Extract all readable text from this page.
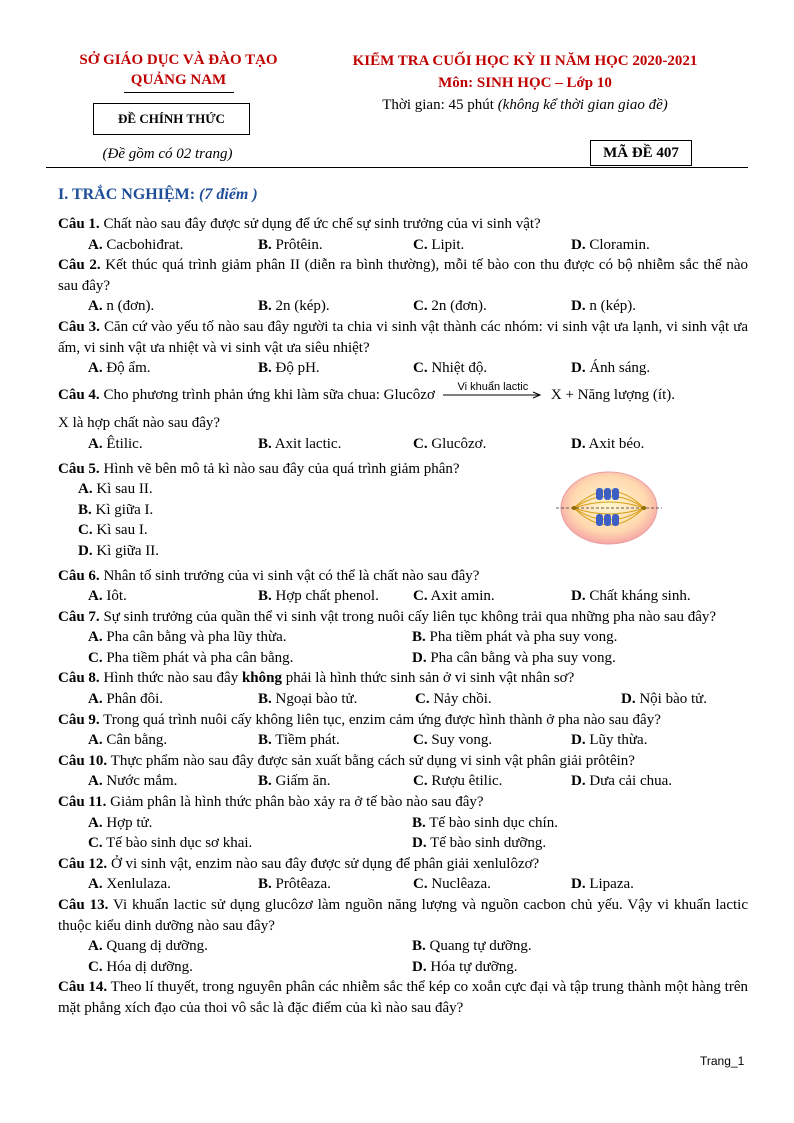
SỞ GIÁO DỤC VÀ ĐÀO TẠO
QUẢNG NAM
KIỂM TRA CUỐI HỌC KỲ II NĂM HỌC 2020-2021
Môn: SINH HỌC – Lớp 10
Thời gian: 45 phút (không kể thời gian giao đề)
ĐỀ CHÍNH THỨC
(Đề gồm có 02 trang)	MÃ ĐỀ 407
I. TRẮC NGHIỆM: (7 điểm )
Câu 1. Chất nào sau đây được sử dụng để ức chế sự sinh trưởng của vi sinh vật?
A. Cacbohiđrat.	B. Prôtêin.	C. Lipit.	D. Cloramin.
Câu 2. Kết thúc quá trình giảm phân II (diễn ra bình thường), mỗi tế bào con thu được có bộ nhiễm sắc thể nào sau đây?
A. n (đơn).	B. 2n (kép).	C. 2n (đơn).	D. n (kép).
Câu 3. Căn cứ vào yếu tố nào sau đây người ta chia vi sinh vật thành các nhóm: vi sinh vật ưa lạnh, vi sinh vật ưa ấm, vi sinh vật ưa nhiệt và vi sinh vật ưa siêu nhiệt?
A. Độ ẩm.	B. Độ pH.	C. Nhiệt độ.	D. Ánh sáng.
Câu 4. Cho phương trình phản ứng khi làm sữa chua: Glucôzơ	Vi khuẩn lactic	X + Năng lượng (ít).
X là hợp chất nào sau đây?
A. Êtilic.	B. Axit lactic.	C. Glucôzơ.	D. Axit béo.
Câu 5. Hình vẽ bên mô tả kì nào sau đây của quá trình giảm phân?
A. Kì sau II.
B. Kì giữa I.
C. Kì sau I.
D. Kì giữa II.
Câu 6. Nhân tố sinh trưởng của vi sinh vật có thể là chất nào sau đây?
A. Iôt.	B. Hợp chất phenol.	C. Axit amin.	D. Chất kháng sinh.
Câu 7. Sự sinh trưởng của quần thể vi sinh vật trong nuôi cấy liên tục không trải qua những pha nào sau đây?
A. Pha cân bằng và pha lũy thừa.	B. Pha tiềm phát và pha suy vong.
C. Pha tiềm phát và pha cân bằng.	D. Pha cân bằng và pha suy vong.
Câu 8. Hình thức nào sau đây không phải là hình thức sinh sản ở vi sinh vật nhân sơ?
A. Phân đôi.	B. Ngoại bào tử.	C. Nảy chồi.	D. Nội bào tử.
Câu 9. Trong quá trình nuôi cấy không liên tục, enzim cảm ứng được hình thành ở pha nào sau đây?
A. Cân bằng.	B. Tiềm phát.	C. Suy vong.	D. Lũy thừa.
Câu 10. Thực phẩm nào sau đây được sản xuất bằng cách sử dụng vi sinh vật phân giải prôtêin?
A. Nước mắm.	B. Giấm ăn.	C. Rượu êtilic.	D. Dưa cải chua.
Câu 11. Giảm phân là hình thức phân bào xảy ra ở tế bào nào sau đây?
A. Hợp tử.	B. Tế bào sinh dục chín.
C. Tế bào sinh dục sơ khai.	D. Tế bào sinh dưỡng.
Câu 12. Ở vi sinh vật, enzim nào sau đây được sử dụng để phân giải xenlulôzơ?
A. Xenlulaza.	B. Prôtêaza.	C. Nuclêaza.	D. Lipaza.
Câu 13. Vi khuẩn lactic sử dụng glucôzơ làm nguồn năng lượng và nguồn cacbon chủ yếu. Vậy vi khuẩn lactic thuộc kiểu dinh dưỡng nào sau đây?
A. Quang dị dưỡng.	B. Quang tự dưỡng.
C. Hóa dị dưỡng.	D. Hóa tự dưỡng.
Câu 14. Theo lí thuyết, trong nguyên phân các nhiễm sắc thể kép co xoắn cực đại và tập trung thành một hàng trên mặt phẳng xích đạo của thoi vô sắc là đặc điểm của kì nào sau đây?
Trang_1
